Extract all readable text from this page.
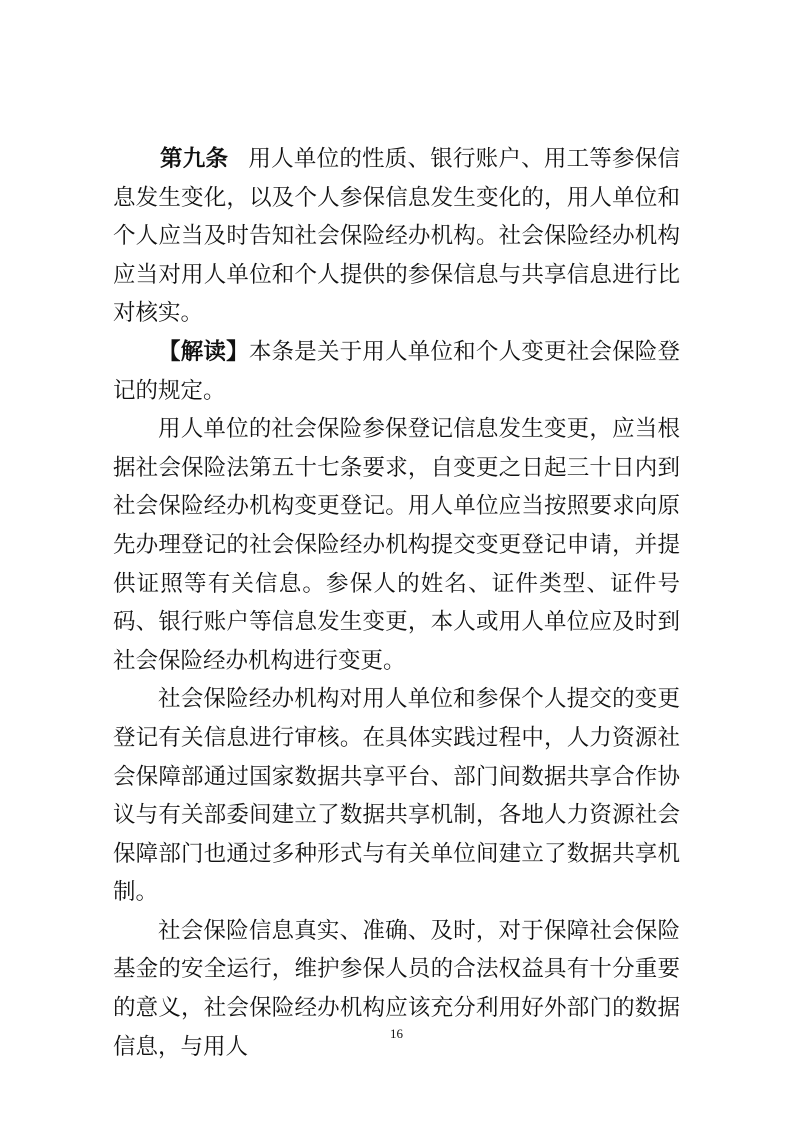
第九条 用人单位的性质、银行账户、用工等参保信息发生变化，以及个人参保信息发生变化的，用人单位和个人应当及时告知社会保险经办机构。社会保险经办机构应当对用人单位和个人提供的参保信息与共享信息进行比对核实。

【解读】本条是关于用人单位和个人变更社会保险登记的规定。

用人单位的社会保险参保登记信息发生变更，应当根据社会保险法第五十七条要求，自变更之日起三十日内到社会保险经办机构变更登记。用人单位应当按照要求向原先办理登记的社会保险经办机构提交变更登记申请，并提供证照等有关信息。参保人的姓名、证件类型、证件号码、银行账户等信息发生变更，本人或用人单位应及时到社会保险经办机构进行变更。

社会保险经办机构对用人单位和参保个人提交的变更登记有关信息进行审核。在具体实践过程中，人力资源社会保障部通过国家数据共享平台、部门间数据共享合作协议与有关部委间建立了数据共享机制，各地人力资源社会保障部门也通过多种形式与有关单位间建立了数据共享机制。

社会保险信息真实、准确、及时，对于保障社会保险基金的安全运行，维护参保人员的合法权益具有十分重要的意义，社会保险经办机构应该充分利用好外部门的数据信息，与用人

16
